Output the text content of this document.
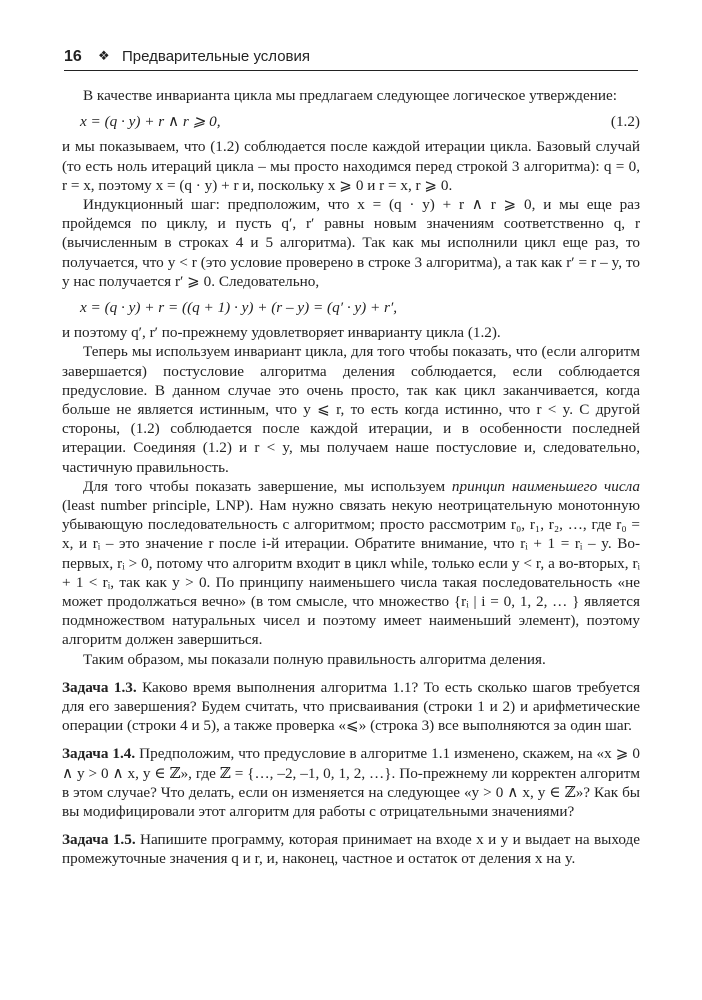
16 ❖ Предварительные условия

В качестве инварианта цикла мы предлагаем следующее логическое утверждение:

x = (q · y) + r ∧ r ⩾ 0,	(1.2)

и мы показываем, что (1.2) соблюдается после каждой итерации цикла. Базовый случай (то есть ноль итераций цикла – мы просто находимся перед строкой 3 алгоритма): q = 0, r = x, поэтому x = (q · y) + r и, поскольку x ⩾ 0 и r = x, r ⩾ 0.

Индукционный шаг: предположим, что x = (q · y) + r ∧ r ⩾ 0, и мы еще раз пройдемся по циклу, и пусть q′, r′ равны новым значениям соответственно q, r (вычисленным в строках 4 и 5 алгоритма). Так как мы исполнили цикл еще раз, то получается, что y < r (это условие проверено в строке 3 алгоритма), а так как r′ = r – y, то у нас получается r′ ⩾ 0. Следовательно,

x = (q · y) + r = ((q + 1) · y) + (r – y) = (q′ · y) + r′,

и поэтому q′, r′ по-прежнему удовлетворяет инварианту цикла (1.2).

Теперь мы используем инвариант цикла, для того чтобы показать, что (если алгоритм завершается) постусловие алгоритма деления соблюдается, если соблюдается предусловие. В данном случае это очень просто, так как цикл заканчивается, когда больше не является истинным, что y ⩽ r, то есть когда истинно, что r < y. С другой стороны, (1.2) соблюдается после каждой итерации, и в особенности последней итерации. Соединяя (1.2) и r < y, мы получаем наше постусловие и, следовательно, частичную правильность.

Для того чтобы показать завершение, мы используем принцип наименьшего числа (least number principle, LNP). Нам нужно связать некую неотрицательную монотонную убывающую последовательность с алгоритмом; просто рассмотрим r₀, r₁, r₂, …, где r₀ = x, и rᵢ – это значение r после i-й итерации. Обратите внимание, что rᵢ + 1 = rᵢ – y. Во-первых, rᵢ > 0, потому что алгоритм входит в цикл while, только если y < r, а во-вторых, rᵢ + 1 < rᵢ, так как y > 0. По принципу наименьшего числа такая последовательность «не может продолжаться вечно» (в том смысле, что множество {rᵢ | i = 0, 1, 2, … } является подмножеством натуральных чисел и поэтому имеет наименьший элемент), поэтому алгоритм должен завершиться.

Таким образом, мы показали полную правильность алгоритма деления.

Задача 1.3. Каково время выполнения алгоритма 1.1? То есть сколько шагов требуется для его завершения? Будем считать, что присваивания (строки 1 и 2) и арифметические операции (строки 4 и 5), а также проверка «⩽» (строка 3) все выполняются за один шаг.

Задача 1.4. Предположим, что предусловие в алгоритме 1.1 изменено, скажем, на «x ⩾ 0 ∧ y > 0 ∧ x, y ∈ ℤ», где ℤ = {…, –2, –1, 0, 1, 2, …}. По-прежнему ли корректен алгоритм в этом случае? Что делать, если он изменяется на следующее «y > 0 ∧ x, y ∈ ℤ»? Как бы вы модифицировали этот алгоритм для работы с отрицательными значениями?

Задача 1.5. Напишите программу, которая принимает на входе x и y и выдает на выходе промежуточные значения q и r, и, наконец, частное и остаток от деления x на y.
